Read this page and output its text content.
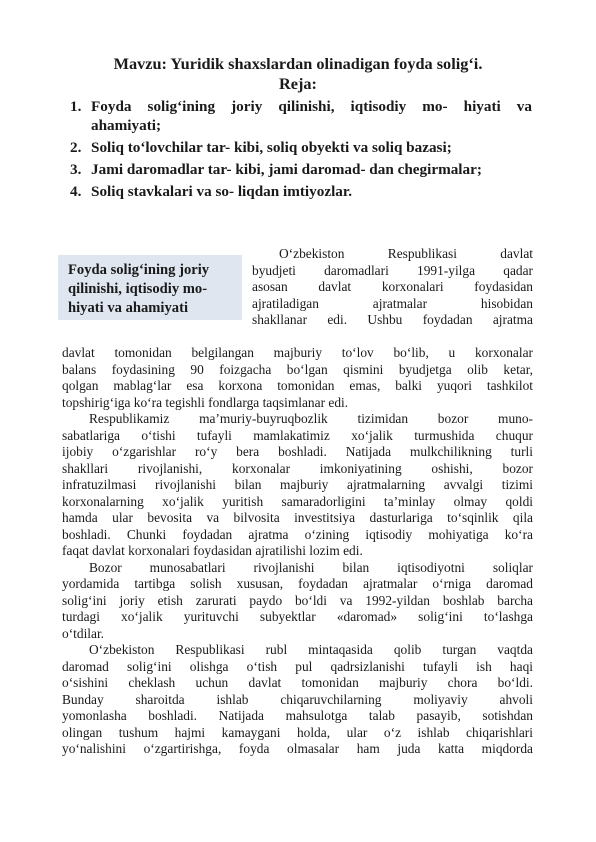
Mavzu: Yuridik shaxslardan olinadigan foyda solig‘i.
Reja:
1. Foyda solig‘ining joriy qilinishi, iqtisodiy mo- hiyati va
ahamiyati;
2. Soliq to‘lovchilar tar- kibi, soliq obyekti va soliq bazasi;
3. Jami daromadlar tar- kibi, jami daromad- dan chegirmalar;
4. Soliq stavkalari va so- liqdan imtiyozlar.
Foyda solig‘ining joriy
qilinishi, iqtisodiy mo-
hiyati va ahamiyati
O‘zbekiston Respublikasi davlat
byudjeti daromadlari 1991-yilga qadar
asosan davlat korxonalari foydasidan
ajratiladigan ajratmalar hisobidan
shakllanar edi. Ushbu foydadan ajratma
davlat tomonidan belgilangan majburiy to‘lov bo‘lib, u korxonalar
balans foydasining 90 foizgacha bo‘lgan qismini byudjetga olib ketar,
qolgan mablag‘lar esa korxona tomonidan emas, balki yuqori tashkilot
topshirig‘iga ko‘ra tegishli fondlarga taqsimlanar edi.
Respublikamiz ma’muriy-buyruqbozlik tizimidan bozor muno-
sabatlariga o‘tishi tufayli mamlakatimiz xo‘jalik turmushida chuqur
ijobiy o‘zgarishlar ro‘y bera boshladi. Natijada mulkchilikning turli
shakllari rivojlanishi, korxonalar imkoniyatining oshishi, bozor
infratuzilmasi rivojlanishi bilan majburiy ajratmalarning avvalgi tizimi
korxonalarning xo‘jalik yuritish samaradorligini ta’minlay olmay qoldi
hamda ular bevosita va bilvosita investitsiya dasturlariga to‘sqinlik qila
boshladi. Chunki foydadan ajratma o‘zining iqtisodiy mohiyatiga ko‘ra
faqat davlat korxonalari foydasidan ajratilishi lozim edi.
Bozor munosabatlari rivojlanishi bilan iqtisodiyotni soliqlar
yordamida tartibga solish xususan, foydadan ajratmalar o‘rniga daromad
solig‘ini joriy etish zarurati paydo bo‘ldi va 1992-yildan boshlab barcha
turdagi xo‘jalik yurituvchi subyektlar «daromad» solig‘ini to‘lashga
o‘tdilar.
O‘zbekiston Respublikasi rubl mintaqasida qolib turgan vaqtda
daromad solig‘ini olishga o‘tish pul qadrsizlanishi tufayli ish haqi
o‘sishini cheklash uchun davlat tomonidan majburiy chora bo‘ldi.
Bunday sharoitda ishlab chiqaruvchilarning moliyaviy ahvoli
yomonlasha boshladi. Natijada mahsulotga talab pasayib, sotishdan
olingan tushum hajmi kamaygani holda, ular o‘z ishlab chiqarishlari
yo‘nalishini o‘zgartirishga, foyda olmasalar ham juda katta miqdorda
